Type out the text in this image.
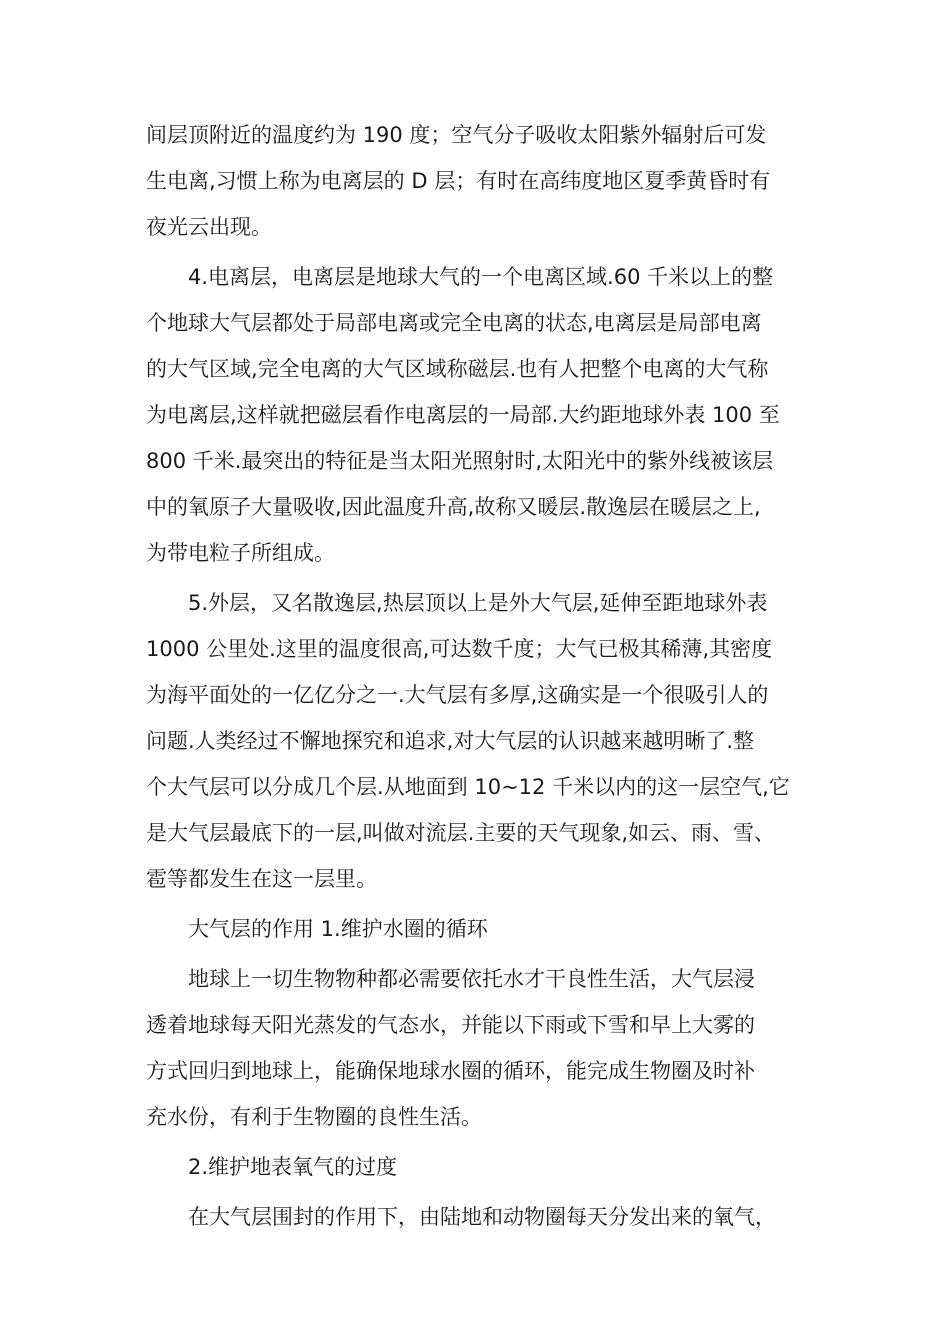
间层顶附近的温度约为 190 度；空气分子吸收太阳紫外辐射后可发
生电离,习惯上称为电离层的 D 层；有时在高纬度地区夏季黄昏时有
夜光云出现。
4.电离层，电离层是地球大气的一个电离区域.60 千米以上的整
个地球大气层都处于局部电离或完全电离的状态,电离层是局部电离
的大气区域,完全电离的大气区域称磁层.也有人把整个电离的大气称
为电离层,这样就把磁层看作电离层的一局部.大约距地球外表 100 至
800 千米.最突出的特征是当太阳光照射时,太阳光中的紫外线被该层
中的氧原子大量吸收,因此温度升高,故称又暖层.散逸层在暖层之上,
为带电粒子所组成。
5.外层，又名散逸层,热层顶以上是外大气层,延伸至距地球外表
1000 公里处.这里的温度很高,可达数千度；大气已极其稀薄,其密度
为海平面处的一亿亿分之一.大气层有多厚,这确实是一个很吸引人的
问题.人类经过不懈地探究和追求,对大气层的认识越来越明晰了.整
个大气层可以分成几个层.从地面到 10~12 千米以内的这一层空气,它
是大气层最底下的一层,叫做对流层.主要的天气现象,如云、雨、雪、
雹等都发生在这一层里。
大气层的作用 1.维护水圈的循环
地球上一切生物物种都必需要依托水才干良性生活，大气层浸
透着地球每天阳光蒸发的气态水，并能以下雨或下雪和早上大雾的
方式回归到地球上，能确保地球水圈的循环，能完成生物圈及时补
充水份，有利于生物圈的良性生活。
2.维护地表氧气的过度
在大气层围封的作用下，由陆地和动物圈每天分发出来的氧气，
